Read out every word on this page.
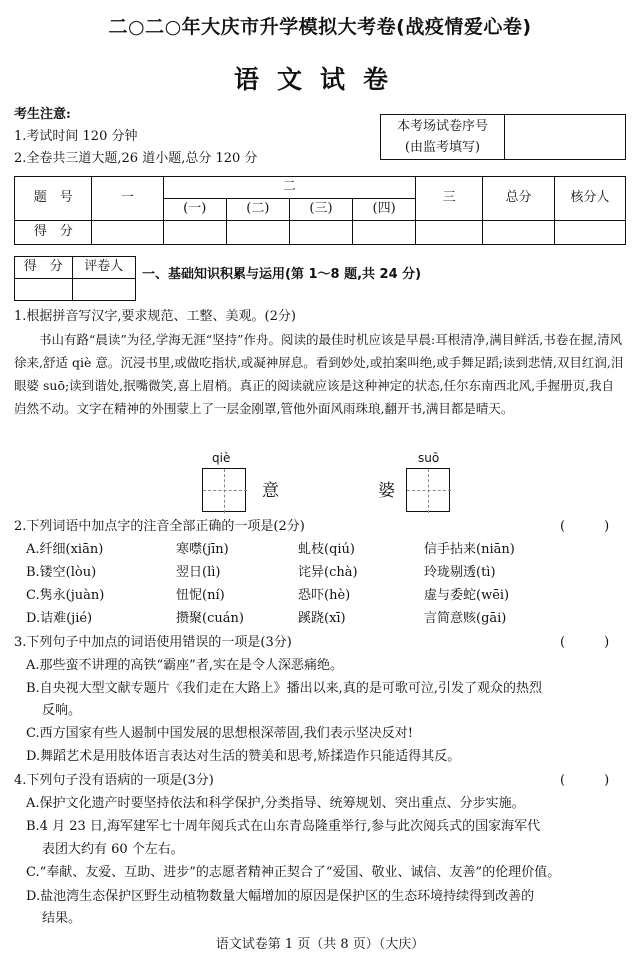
二○二○年大庆市升学模拟大考卷(战疫情爱心卷)
语文试卷
考生注意:
1.考试时间 120 分钟
2.全卷共三道大题,26 道小题,总分 120 分
本考场试卷序号
(由监考填写)
题　号	一	二				三	总分	核分人
		(一)	(二)	(三)	(四)			
得　分								
得　分	评卷人

一、基础知识积累与运用(第 1～8 题,共 24 分)
1.根据拼音写汉字,要求规范、工整、美观。(2分)
书山有路“晨读”为径,学海无涯“坚持”作舟。阅读的最佳时机应该是早晨:耳根清净,满目鲜活,书卷在握,清风徐来,舒适 qiè 意。沉浸书里,或做吃指状,或凝神屏息。看到妙处,或拍案叫绝,或手舞足蹈;读到悲情,双目红润,泪眼婆 suō;读到谐处,抿嘴微笑,喜上眉梢。真正的阅读就应该是这种神定的状态,任尔东南西北风,手握册页,我自岿然不动。文字在精神的外围蒙上了一层金刚罩,管他外面风雨珠琅,翻开书,满目都是晴天。
qiè
意
suō
婆
2.下列词语中加点字的注音全部正确的一项是(2分)	(　　　)
A.纤细(xiān)	寒噤(jīn)	虬枝(qiú)	信手拈来(niān)
B.镂空(lòu)	翌日(lì)	诧异(chà)	玲珑剔透(tì)
C.隽永(juàn)	忸怩(ní)	恐吓(hè)	虚与委蛇(wēi)
D.诘难(jié)	攒聚(cuán)	蹊跷(xī)	言简意赅(gāi)
3.下列句子中加点的词语使用错误的一项是(3分)	(　　　)
A.那些蛮不讲理的高铁“霸座”者,实在是令人深恶痛绝。
B.自央视大型文献专题片《我们走在大路上》播出以来,真的是可歌可泣,引发了观众的热烈
反响。
C.西方国家有些人遏制中国发展的思想根深蒂固,我们表示坚决反对!
D.舞蹈艺术是用肢体语言表达对生活的赞美和思考,矫揉造作只能适得其反。
4.下列句子没有语病的一项是(3分)	(　　　)
A.保护文化遗产时要坚持依法和科学保护,分类指导、统筹规划、突出重点、分步实施。
B.4 月 23 日,海军建军七十周年阅兵式在山东青岛隆重举行,参与此次阅兵式的国家海军代
表团大约有 60 个左右。
C.“奉献、友爱、互助、进步”的志愿者精神正契合了“爱国、敬业、诚信、友善”的伦理价值。
D.盐池湾生态保护区野生动植物数量大幅增加的原因是保护区的生态环境持续得到改善的
结果。
语文试卷第 1 页（共 8 页）（大庆）
